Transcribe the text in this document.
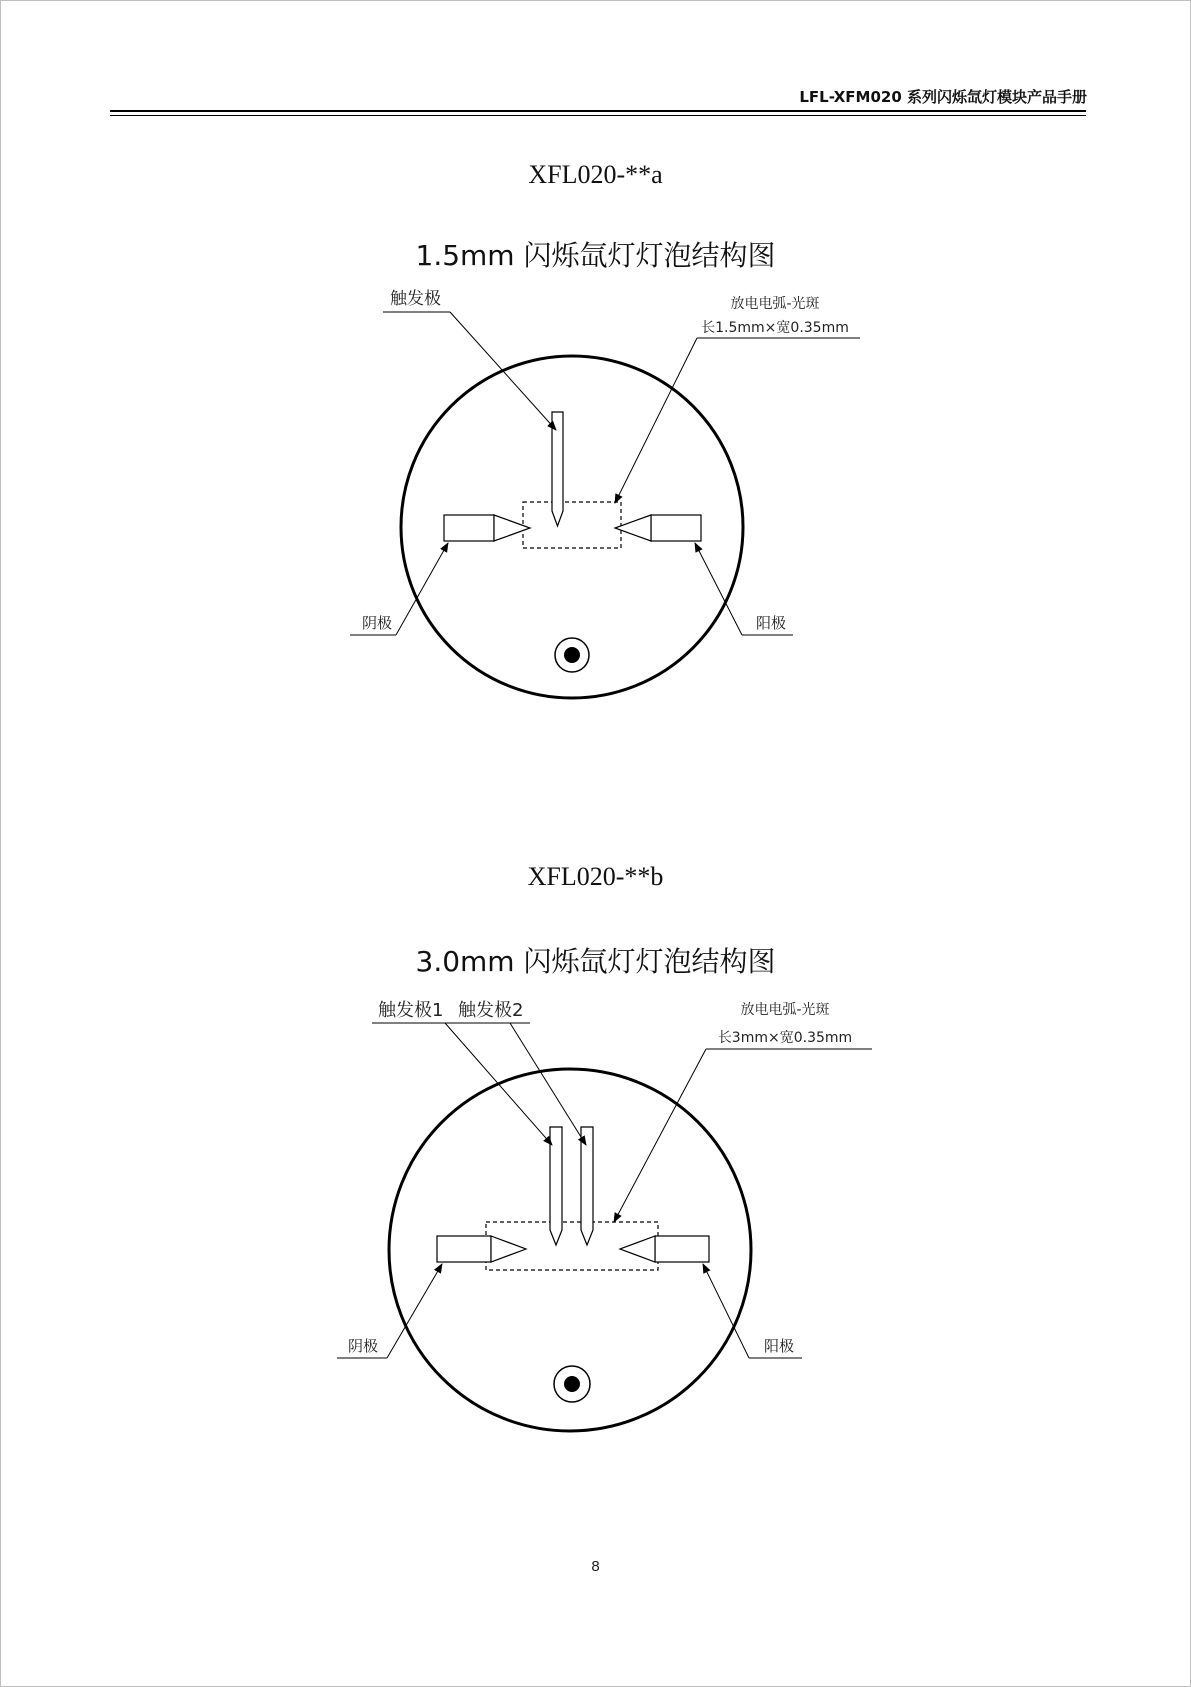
LFL-XFM020 系列闪烁氙灯模块产品手册
XFL020-**a
1.5mm 闪烁氙灯灯泡结构图
触发极	放电电弧-光斑
长1.5mm×宽0.35mm
阴极	阳极
XFL020-**b
3.0mm 闪烁氙灯灯泡结构图
触发极1 触发极2	放电电弧-光斑
长3mm×宽0.35mm
阴极	阳极
8
